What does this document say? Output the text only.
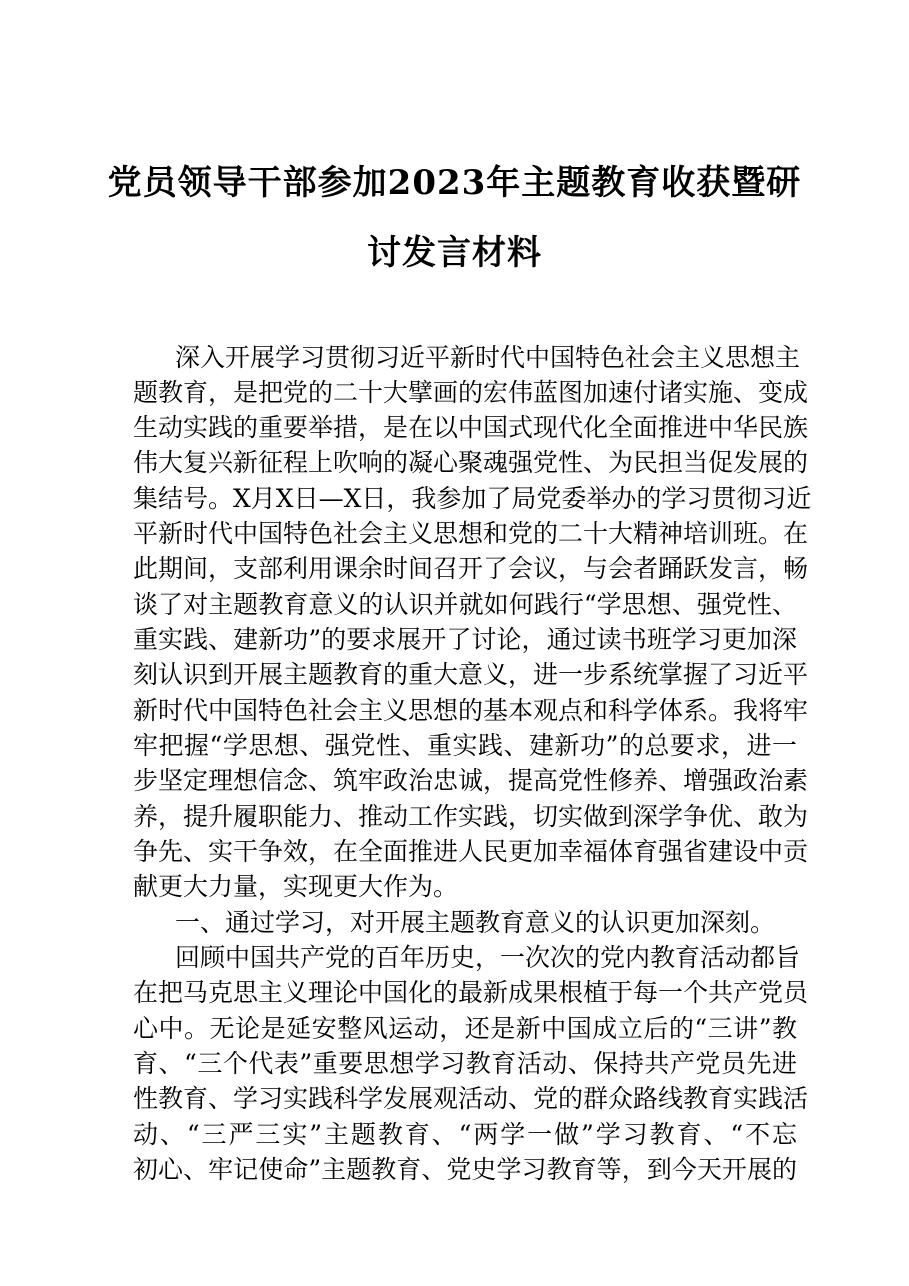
党员领导干部参加2023年主题教育收获暨研
讨发言材料
深入开展学习贯彻习近平新时代中国特色社会主义思想主
题教育，是把党的二十大擘画的宏伟蓝图加速付诸实施、变成
生动实践的重要举措，是在以中国式现代化全面推进中华民族
伟大复兴新征程上吹响的凝心聚魂强党性、为民担当促发展的
集结号。X月X日—X日，我参加了局党委举办的学习贯彻习近
平新时代中国特色社会主义思想和党的二十大精神培训班。在
此期间，支部利用课余时间召开了会议，与会者踊跃发言，畅
谈了对主题教育意义的认识并就如何践行“学思想、强党性、
重实践、建新功”的要求展开了讨论，通过读书班学习更加深
刻认识到开展主题教育的重大意义，进一步系统掌握了习近平
新时代中国特色社会主义思想的基本观点和科学体系。我将牢
牢把握“学思想、强党性、重实践、建新功”的总要求，进一
步坚定理想信念、筑牢政治忠诚，提高党性修养、增强政治素
养，提升履职能力、推动工作实践，切实做到深学争优、敢为
争先、实干争效，在全面推进人民更加幸福体育强省建设中贡
献更大力量，实现更大作为。
一、通过学习，对开展主题教育意义的认识更加深刻。
回顾中国共产党的百年历史，一次次的党内教育活动都旨
在把马克思主义理论中国化的最新成果根植于每一个共产党员
心中。无论是延安整风运动，还是新中国成立后的“三讲”教
育、“三个代表”重要思想学习教育活动、保持共产党员先进
性教育、学习实践科学发展观活动、党的群众路线教育实践活
动、“三严三实”主题教育、“两学一做”学习教育、“不忘
初心、牢记使命”主题教育、党史学习教育等，到今天开展的
